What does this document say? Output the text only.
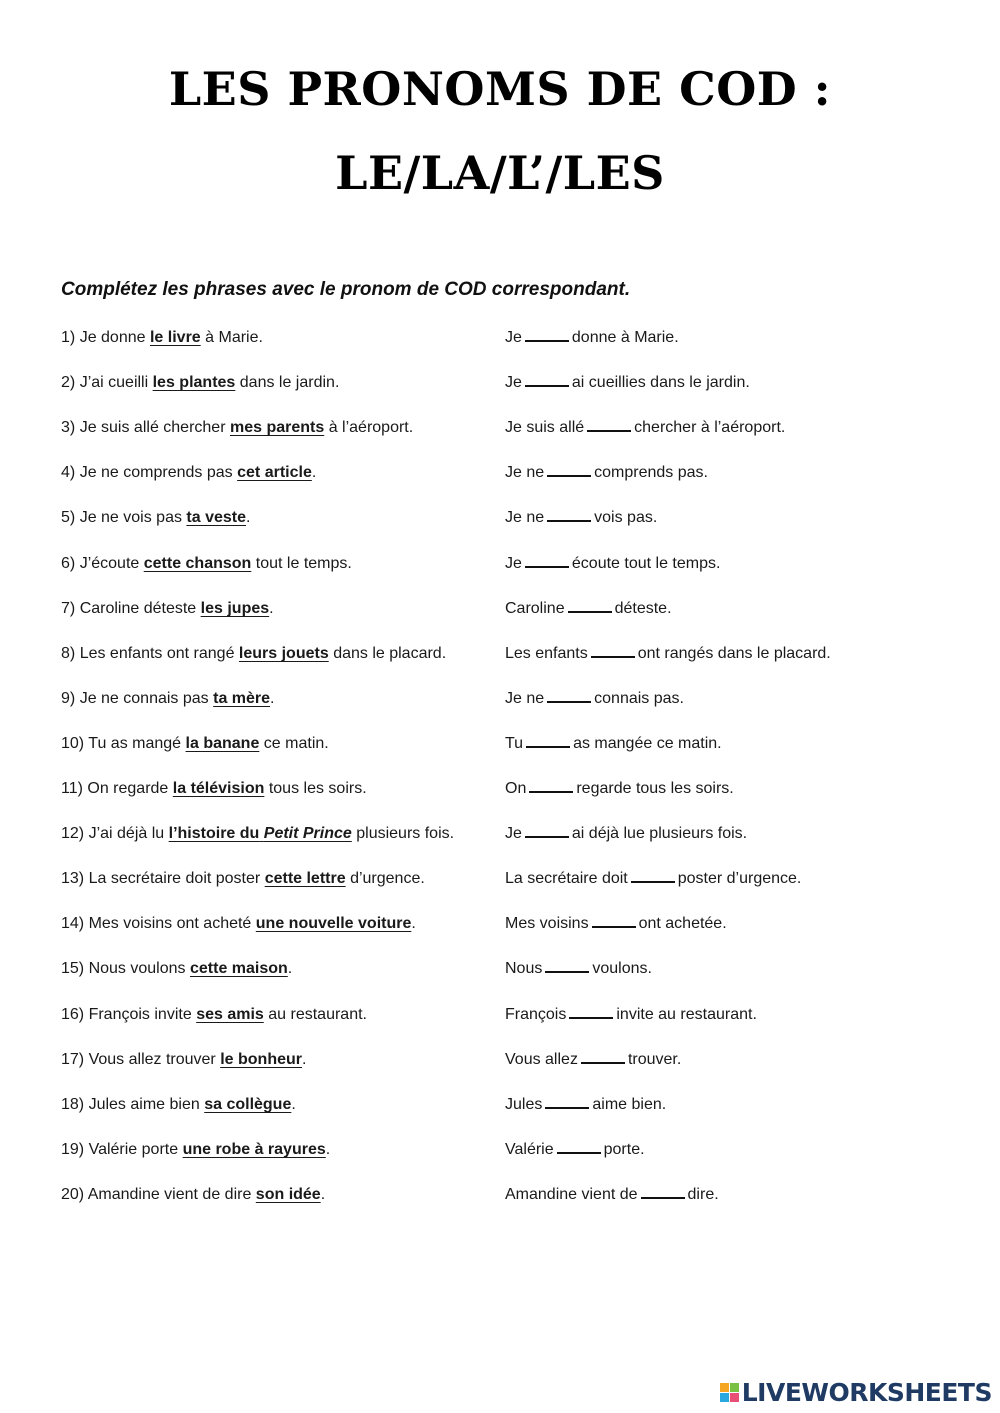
LES PRONOMS DE COD :
LE/LA/L’/LES
Complétez les phrases avec le pronom de COD correspondant.
1) Je donne le livre à Marie.	Je	donne à Marie.
2) J’ai cueilli les plantes dans le jardin.	Je	ai cueillies dans le jardin.
3) Je suis allé chercher mes parents à l’aéroport.	Je suis allé	chercher à l’aéroport.
4) Je ne comprends pas cet article.	Je ne	comprends pas.
5) Je ne vois pas ta veste.	Je ne	vois pas.
6) J’écoute cette chanson tout le temps.	Je	écoute tout le temps.
7) Caroline déteste les jupes.	Caroline	déteste.
8) Les enfants ont rangé leurs jouets dans le placard.	Les enfants	ont rangés dans le placard.
9) Je ne connais pas ta mère.	Je ne	connais pas.
10) Tu as mangé la banane ce matin.	Tu	as mangée ce matin.
11) On regarde la télévision tous les soirs.	On	regarde tous les soirs.
12) J’ai déjà lu l’histoire du Petit Prince plusieurs fois.	Je	ai déjà lue plusieurs fois.
13) La secrétaire doit poster cette lettre d’urgence.	La secrétaire doit	poster d’urgence.
14) Mes voisins ont acheté une nouvelle voiture.	Mes voisins	ont achetée.
15) Nous voulons cette maison.	Nous	voulons.
16) François invite ses amis au restaurant.	François	invite au restaurant.
17) Vous allez trouver le bonheur.	Vous allez	trouver.
18) Jules aime bien sa collègue.	Jules	aime bien.
19) Valérie porte une robe à rayures.	Valérie	porte.
20) Amandine vient de dire son idée.	Amandine vient de	dire.
LIVEWORKSHEETS
